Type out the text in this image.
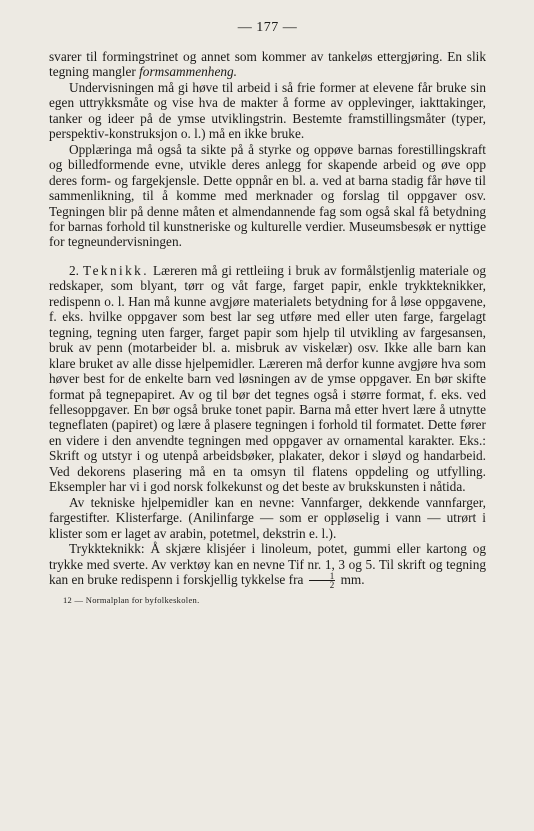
— 177 —

svarer til formingstrinet og annet som kommer av tankeløs ettergjøring. En slik tegning mangler formsammenheng.

Undervisningen må gi høve til arbeid i så frie former at elevene får bruke sin egen uttrykksmåte og vise hva de makter å forme av opplevinger, iakttakinger, tanker og ideer på de ymse utviklingstrin. Bestemte framstillingsmåter (typer, perspektiv-konstruksjon o. l.) må en ikke bruke.

Opplæringa må også ta sikte på å styrke og oppøve barnas forestillingskraft og billedformende evne, utvikle deres anlegg for skapende arbeid og øve opp deres form- og fargekjensle. Dette oppnår en bl. a. ved at barna stadig får høve til sammenlikning, til å komme med merknader og forslag til oppgaver osv. Tegningen blir på denne måten et almendannende fag som også skal få betydning for barnas forhold til kunstneriske og kulturelle verdier. Museumsbesøk er nyttige for tegneundervisningen.

2. Teknikk. Læreren må gi rettleiing i bruk av formålstjenlig materiale og redskaper, som blyant, tørr og våt farge, farget papir, enkle trykkteknikker, redispenn o. l. Han må kunne avgjøre materialets betydning for å løse oppgavene, f. eks. hvilke oppgaver som best lar seg utføre med eller uten farge, fargelagt tegning, tegning uten farger, farget papir som hjelp til utvikling av fargesansen, bruk av penn (motarbeider bl. a. misbruk av viskelær) osv. Ikke alle barn kan klare bruket av alle disse hjelpemidler. Læreren må derfor kunne avgjøre hva som høver best for de enkelte barn ved løsningen av de ymse oppgaver. En bør skifte format på tegnepapiret. Av og til bør det tegnes også i større format, f. eks. ved fellesoppgaver. En bør også bruke tonet papir. Barna må etter hvert lære å utnytte tegneflaten (papiret) og lære å plasere tegningen i forhold til formatet. Dette fører en videre i den anvendte tegningen med oppgaver av ornamental karakter. Eks.: Skrift og utstyr i og utenpå arbeidsbøker, plakater, dekor i sløyd og handarbeid. Ved dekorens plasering må en ta omsyn til flatens oppdeling og utfylling. Eksempler har vi i god norsk folkekunst og det beste av brukskunsten i nåtida.

Av tekniske hjelpemidler kan en nevne: Vannfarger, dekkende vannfarger, fargestifter. Klisterfarge. (Anilinfarge — som er oppløselig i vann — utrørt i klister som er laget av arabin, potetmel, dekstrin e. l.).

Trykkteknikk: Å skjære klisjéer i linoleum, potet, gummi eller kartong og trykke med sverte. Av verktøy kan en nevne Tif nr. 1, 3 og 5. Til skrift og tegning kan en bruke redispenn i forskjellig tykkelse fra $\frac{1}{2}$ mm.

12 — Normalplan for byfolkeskolen.
